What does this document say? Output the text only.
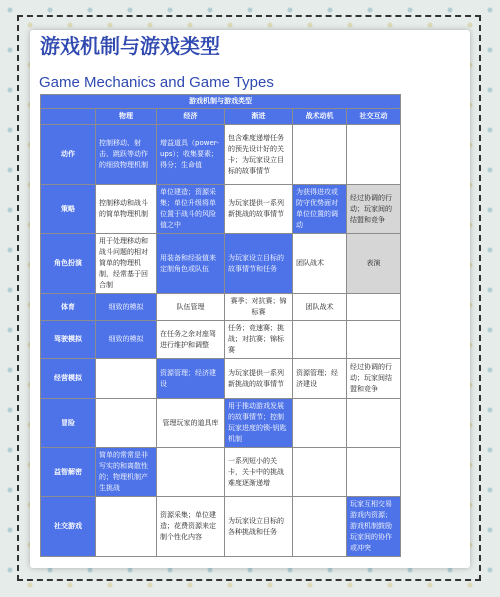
游戏机制与游戏类型
Game Mechanics and Game Types
游戏机制与游戏类型					
	物理	经济	渐进	战术动机	社交互动
动作	控制移动、射击、跳跃等动作的细致物理机制	增益道具（power-ups）；收集要素；得分；生命值	包含难度递增任务的预先设计好的关卡；为玩家设立目标的故事情节		
策略	控制移动和战斗的简单物理机制	单位建造；资源采集；单位升级将单位置于战斗的风险值之中	为玩家提供一系列新挑战的故事情节	为获得进攻或防守优势面对单位位置的调动	经过协调的行动；玩家间的结盟和竞争
角色扮演	用于处理移动和战斗问题的相对简单的物理机制，经常基于回合制	用装备和经验值来定制角色或队伍	为玩家设立目标的故事情节和任务	团队战术	表演
体育	细致的模拟	队伍管理	赛季；对抗赛；锦标赛	团队战术	
驾驶模拟	细致的模拟	在任务之余对座驾进行维护和调整	任务；竞速赛；挑战；对抗赛；锦标赛		
经营模拟		资源管理；经济建设	为玩家提供一系列新挑战的故事情节	资源管理；经济建设	经过协调的行动；玩家间结盟和竞争
冒险		管理玩家的道具库	用于推动游戏发展的故事情节；控制玩家进度的锁-钥匙机制		
益智解密	简单的常常是非写实的和离散性的；物理机制产生挑战		一系列短小的关卡，关卡中的挑战难度逐渐递增		
社交游戏		资源采集；单位建造；花费资源来定制个性化内容	为玩家设立目标的各种挑战和任务		玩家互相交易游戏内资源；游戏机制鼓励玩家间的协作或冲突
